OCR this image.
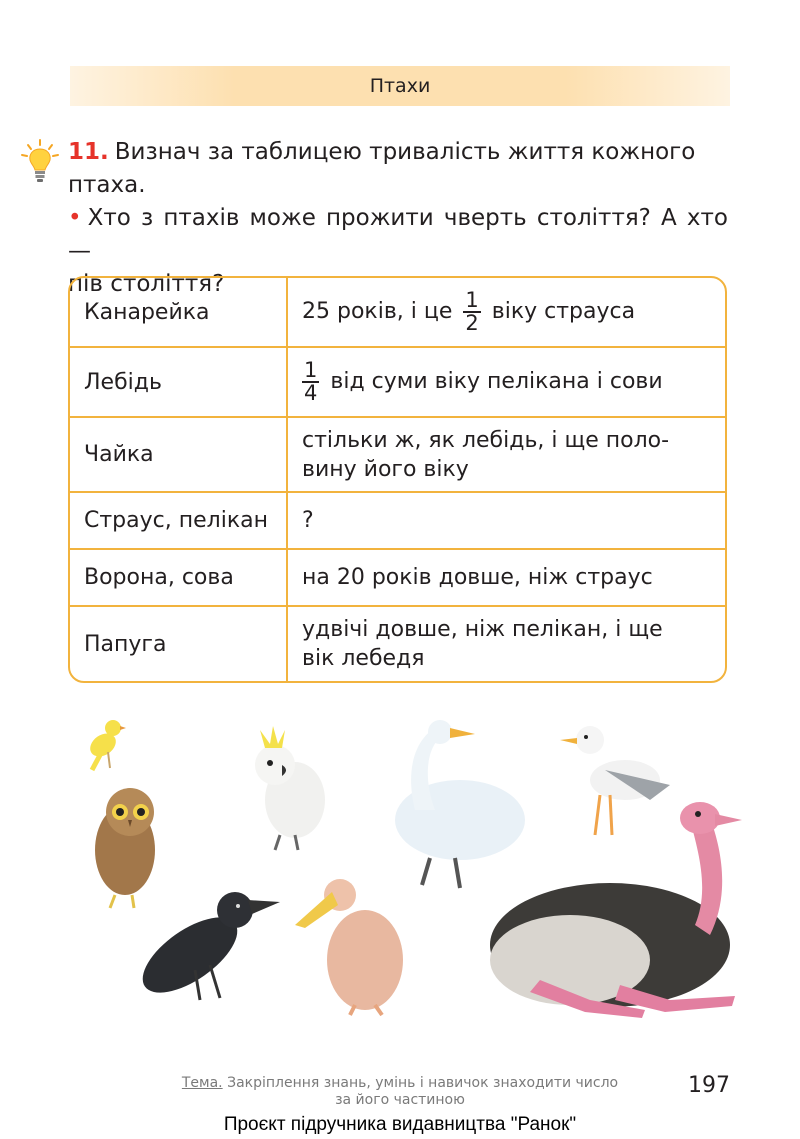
Птахи
11. Визнач за таблицею тривалість життя кожного
птаха.
• Хто з птахів може прожити чверть століття? А хто —
пів століття?
Канарейка	25 років, і це $\frac{1}{2}$ віку страуса
Лебідь	$\frac{1}{4}$ від суми віку пелікана і сови
Чайка	стільки ж, як лебідь, і ще поло-
вину його віку

Страус, пелікан	?
Ворона, сова	на 20 років довше, ніж страус
Папуга	удвічі довше, ніж пелікан, і ще
вік лебедя
Тема. Закріплення знань, умінь і навичок знаходити число
за його частиною
197
Проєкт підручника видавництва "Ранок"
